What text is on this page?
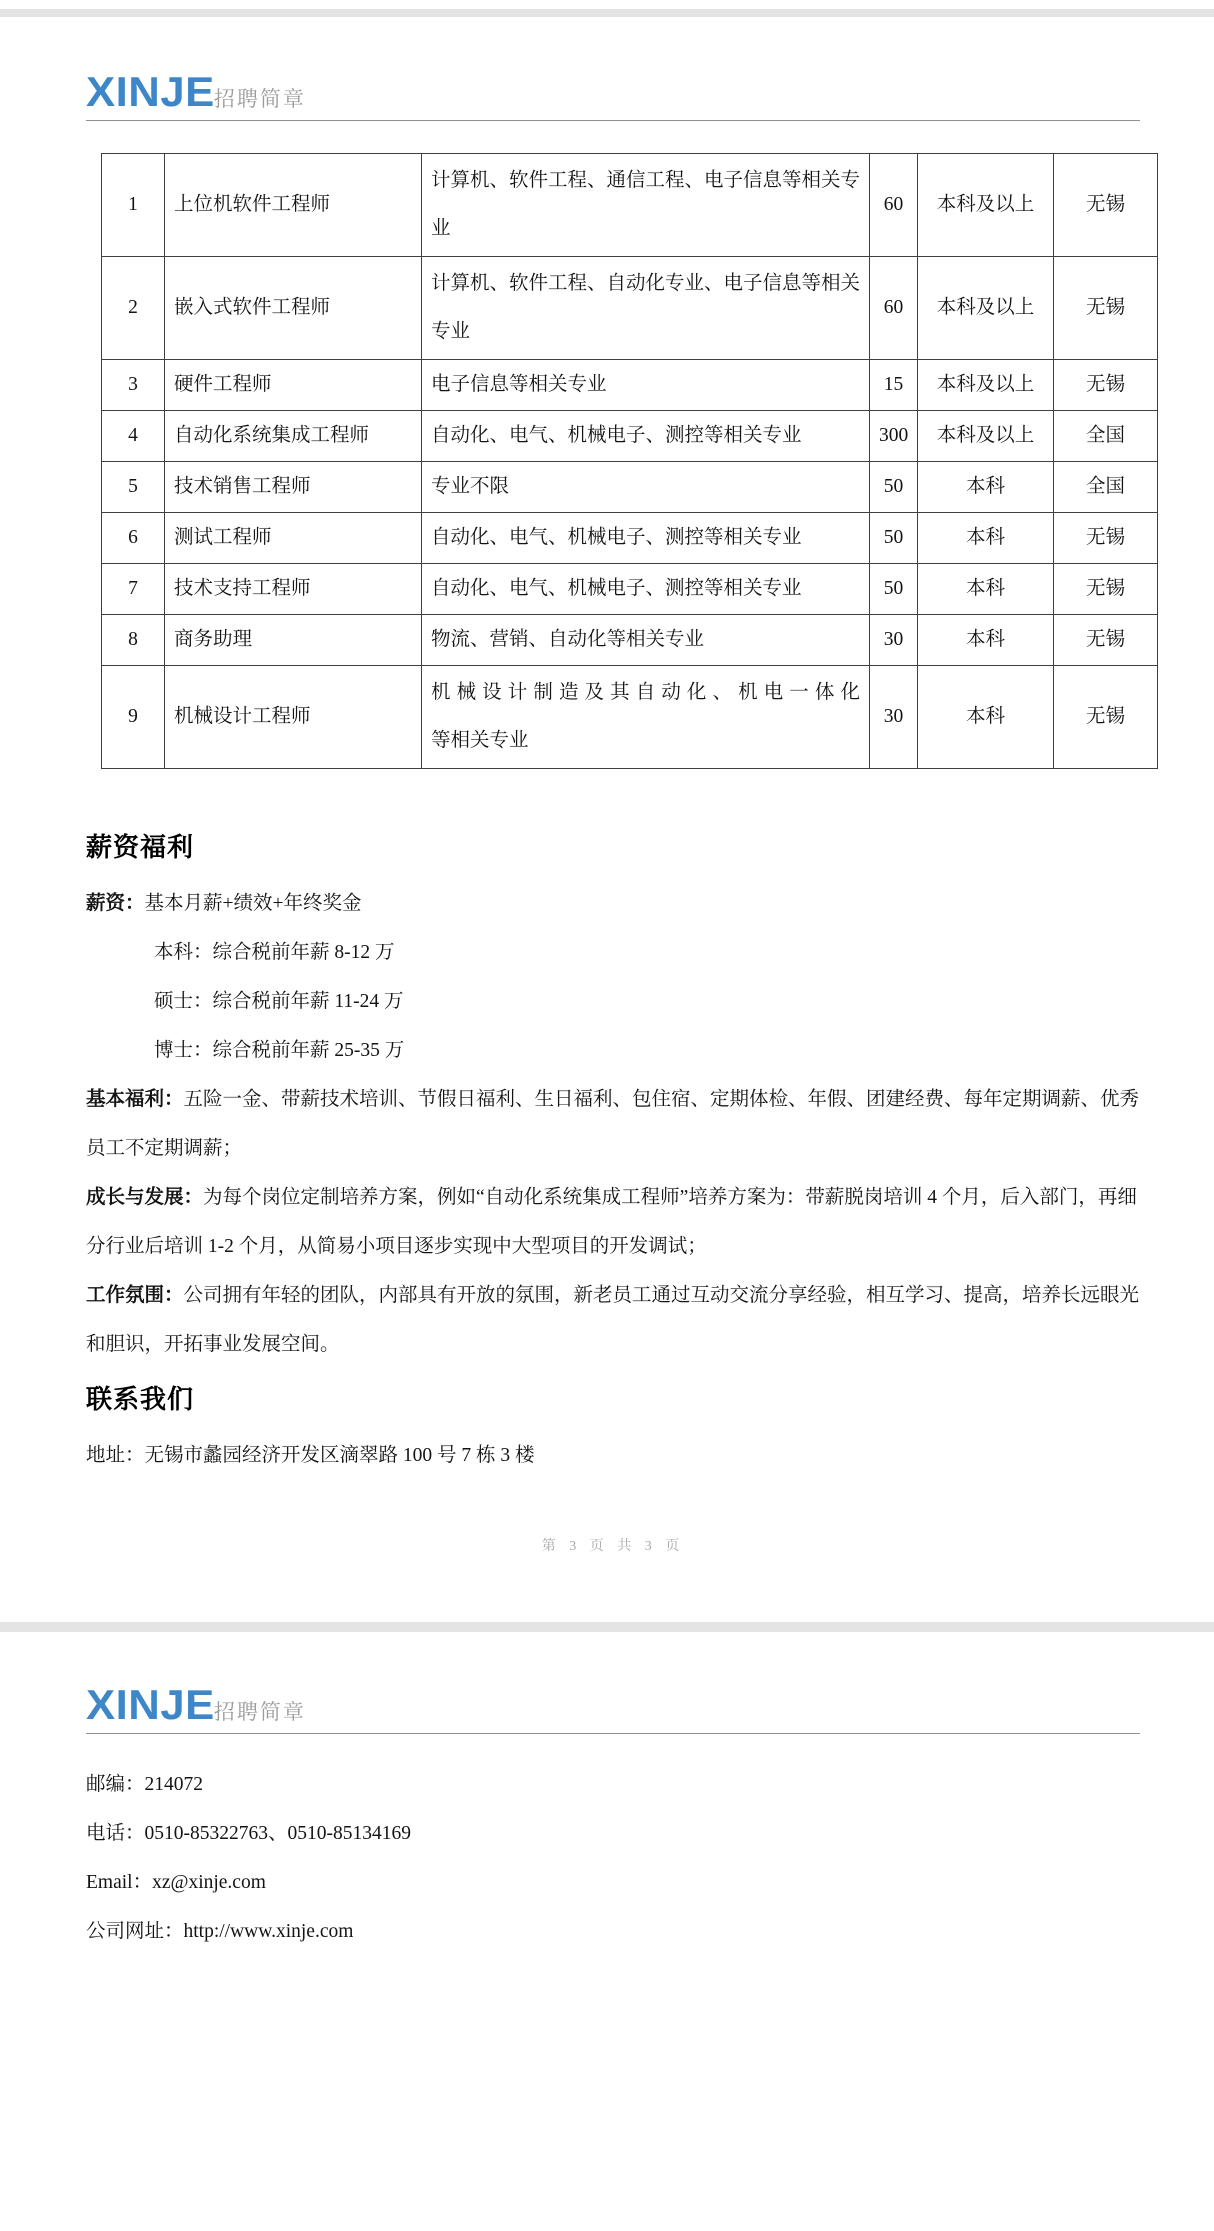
XINJE 招聘简章
1	上位机软件工程师	计算机、软件工程、通信工程、电子信息等相关专业	60	本科及以上	无锡
2	嵌入式软件工程师	计算机、软件工程、自动化专业、电子信息等相关专业	60	本科及以上	无锡
3	硬件工程师	电子信息等相关专业	15	本科及以上	无锡
4	自动化系统集成工程师	自动化、电气、机械电子、测控等相关专业	300	本科及以上	全国
5	技术销售工程师	专业不限	50	本科	全国
6	测试工程师	自动化、电气、机械电子、测控等相关专业	50	本科	无锡
7	技术支持工程师	自动化、电气、机械电子、测控等相关专业	50	本科	无锡
8	商务助理	物流、营销、自动化等相关专业	30	本科	无锡
9	机械设计工程师	机械设计制造及其自动化、机电一体化
等相关专业	30	本科	无锡
薪资福利

薪资：基本月薪+绩效+年终奖金

本科：综合税前年薪 8-12 万

硕士：综合税前年薪 11-24 万

博士：综合税前年薪 25-35 万

基本福利：五险一金、带薪技术培训、节假日福利、生日福利、包住宿、定期体检、年假、团建经费、每年定期调薪、优秀员工不定期调薪；

成长与发展：为每个岗位定制培养方案，例如“自动化系统集成工程师”培养方案为：带薪脱岗培训 4 个月，后入部门，再细分行业后培训 1-2 个月，从简易小项目逐步实现中大型项目的开发调试；

工作氛围：公司拥有年轻的团队，内部具有开放的氛围，新老员工通过互动交流分享经验，相互学习、提高，培养长远眼光和胆识，开拓事业发展空间。

联系我们

地址：无锡市蠡园经济开发区滴翠路 100 号 7 栋 3 楼

第 3 页 共 3 页
XINJE 招聘简章

邮编：214072

电话：0510-85322763、0510-85134169

Email：xz@xinje.com

公司网址：http://www.xinje.com
